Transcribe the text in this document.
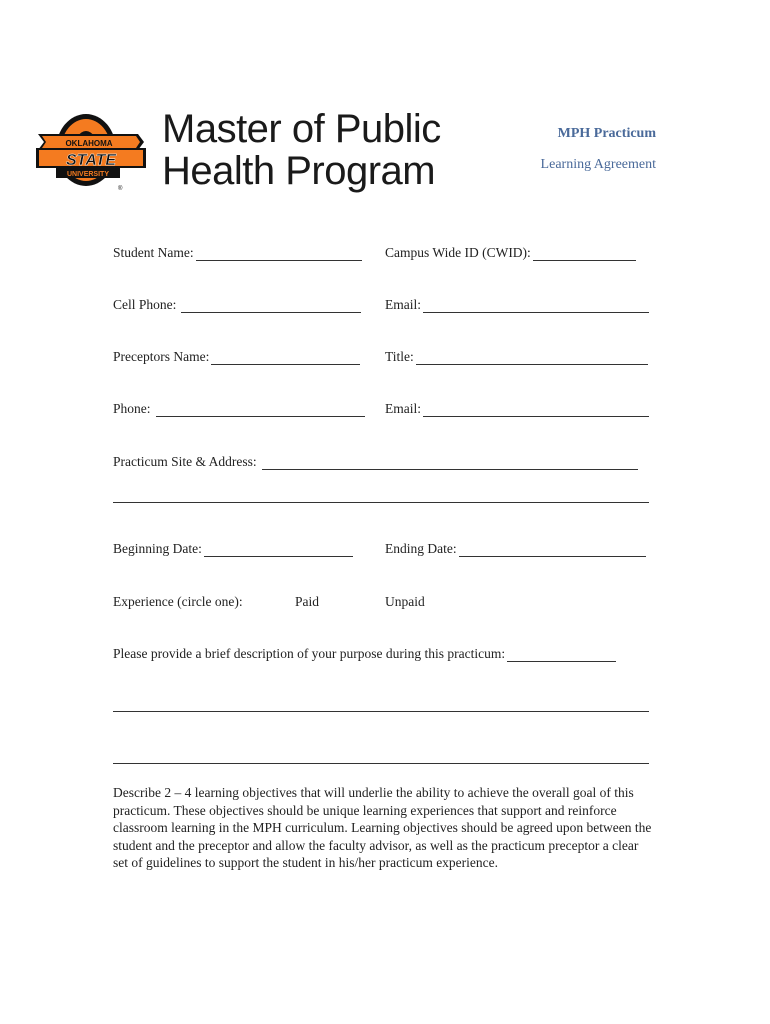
OKLAHOMA
STATE
UNIVERSITY
®
Master of Public
Health Program
MPH Practicum
Learning Agreement
Student Name:	Campus Wide ID (CWID):
Cell Phone:	Email:
Preceptors Name:	Title:
Phone:	Email:
Practicum Site & Address:
Beginning Date:	Ending Date:
Experience (circle one):	Paid	Unpaid
Please provide a brief description of your purpose during this practicum:
Describe 2 – 4 learning objectives that will underlie the ability to achieve the overall goal of this practicum. These objectives should be unique learning experiences that support and reinforce classroom learning in the MPH curriculum. Learning objectives should be agreed upon between the student and the preceptor and allow the faculty advisor, as well as the practicum preceptor a clear set of guidelines to support the student in his/her practicum experience.
